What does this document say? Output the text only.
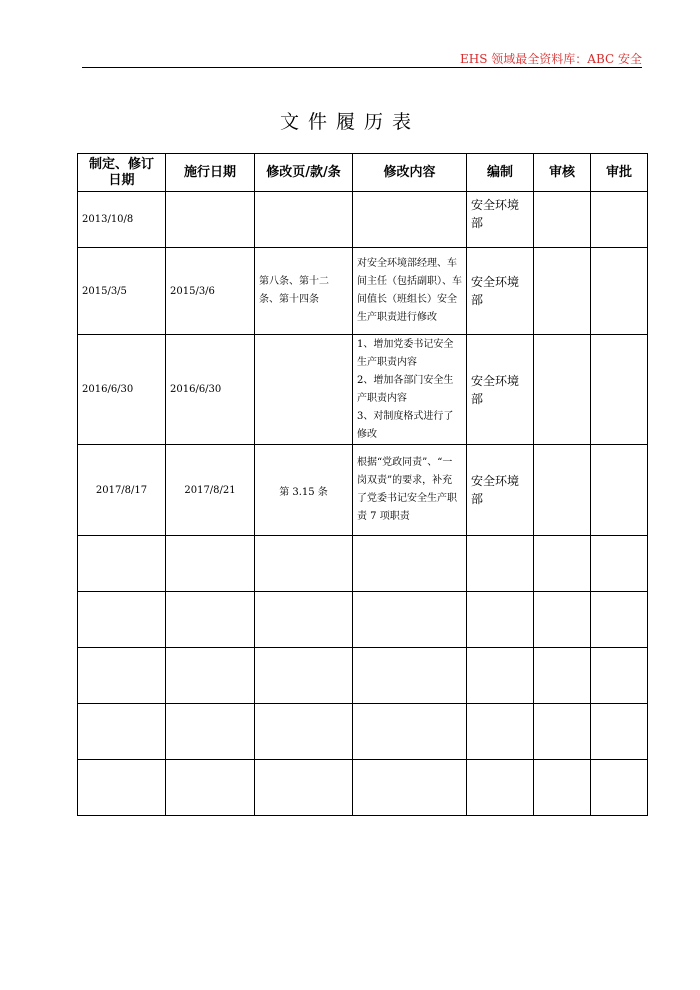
EHS 领域最全资料库：ABC 安全
文件履历表
制定、修订日期	施行日期	修改页/款/条	修改内容	编制	审核	审批
2013/10/8				安全环境部		
2015/3/5	2015/3/6	第八条、第十二条、第十四条	对安全环境部经理、车间主任（包括副职）、车间值长（班组长）安全生产职责进行修改	安全环境部		
2016/6/30	2016/6/30		1、增加党委书记安全生产职责内容
2、增加各部门安全生产职责内容
3、对制度格式进行了修改	安全环境部		
2017/8/17	2017/8/21	第 3.15 条	根据“党政同责”、“一岗双责”的要求，补充了党委书记安全生产职责 7 项职责	安全环境部		
